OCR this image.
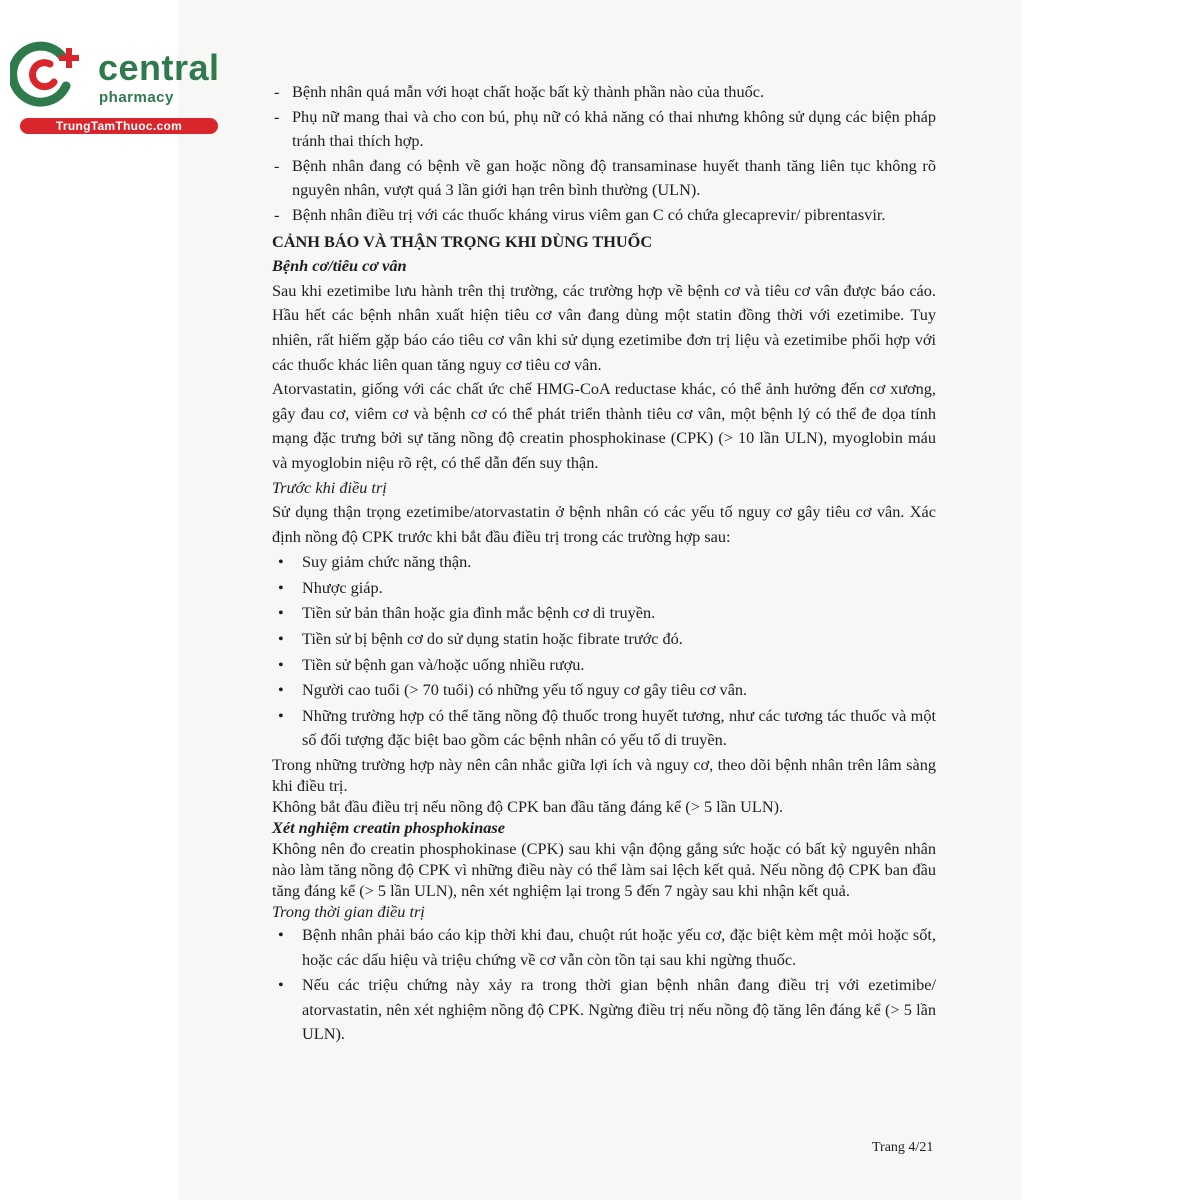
central
pharmacy
TrungTamThuoc.com
- Bệnh nhân quá mẫn với hoạt chất hoặc bất kỳ thành phần nào của thuốc.
- Phụ nữ mang thai và cho con bú, phụ nữ có khả năng có thai nhưng không sử dụng các biện pháp tránh thai thích hợp.
- Bệnh nhân đang có bệnh về gan hoặc nồng độ transaminase huyết thanh tăng liên tục không rõ nguyên nhân, vượt quá 3 lần giới hạn trên bình thường (ULN).
- Bệnh nhân điều trị với các thuốc kháng virus viêm gan C có chứa glecaprevir/ pibrentasvir.
CẢNH BÁO VÀ THẬN TRỌNG KHI DÙNG THUỐC
Bệnh cơ/tiêu cơ vân
Sau khi ezetimibe lưu hành trên thị trường, các trường hợp về bệnh cơ và tiêu cơ vân được báo cáo. Hầu hết các bệnh nhân xuất hiện tiêu cơ vân đang dùng một statin đồng thời với ezetimibe. Tuy nhiên, rất hiếm gặp báo cáo tiêu cơ vân khi sử dụng ezetimibe đơn trị liệu và ezetimibe phối hợp với các thuốc khác liên quan tăng nguy cơ tiêu cơ vân.
Atorvastatin, giống với các chất ức chế HMG-CoA reductase khác, có thể ảnh hưởng đến cơ xương, gây đau cơ, viêm cơ và bệnh cơ có thể phát triển thành tiêu cơ vân, một bệnh lý có thể đe dọa tính mạng đặc trưng bởi sự tăng nồng độ creatin phosphokinase (CPK) (> 10 lần ULN), myoglobin máu và myoglobin niệu rõ rệt, có thể dẫn đến suy thận.
Trước khi điều trị
Sử dụng thận trọng ezetimibe/atorvastatin ở bệnh nhân có các yếu tố nguy cơ gây tiêu cơ vân. Xác định nồng độ CPK trước khi bắt đầu điều trị trong các trường hợp sau:
• Suy giảm chức năng thận.
• Nhược giáp.
• Tiền sử bản thân hoặc gia đình mắc bệnh cơ di truyền.
• Tiền sử bị bệnh cơ do sử dụng statin hoặc fibrate trước đó.
• Tiền sử bệnh gan và/hoặc uống nhiều rượu.
• Người cao tuổi (> 70 tuổi) có những yếu tố nguy cơ gây tiêu cơ vân.
• Những trường hợp có thể tăng nồng độ thuốc trong huyết tương, như các tương tác thuốc và một số đối tượng đặc biệt bao gồm các bệnh nhân có yếu tố di truyền.
Trong những trường hợp này nên cân nhắc giữa lợi ích và nguy cơ, theo dõi bệnh nhân trên lâm sàng khi điều trị.
Không bắt đầu điều trị nếu nồng độ CPK ban đầu tăng đáng kể (> 5 lần ULN).
Xét nghiệm creatin phosphokinase
Không nên đo creatin phosphokinase (CPK) sau khi vận động gắng sức hoặc có bất kỳ nguyên nhân nào làm tăng nồng độ CPK vì những điều này có thể làm sai lệch kết quả. Nếu nồng độ CPK ban đầu tăng đáng kể (> 5 lần ULN), nên xét nghiệm lại trong 5 đến 7 ngày sau khi nhận kết quả.
Trong thời gian điều trị
• Bệnh nhân phải báo cáo kịp thời khi đau, chuột rút hoặc yếu cơ, đặc biệt kèm mệt mỏi hoặc sốt, hoặc các dấu hiệu và triệu chứng về cơ vẫn còn tồn tại sau khi ngừng thuốc.
• Nếu các triệu chứng này xảy ra trong thời gian bệnh nhân đang điều trị với ezetimibe/ atorvastatin, nên xét nghiệm nồng độ CPK. Ngừng điều trị nếu nồng độ tăng lên đáng kể (> 5 lần ULN).
Trang 4/21
